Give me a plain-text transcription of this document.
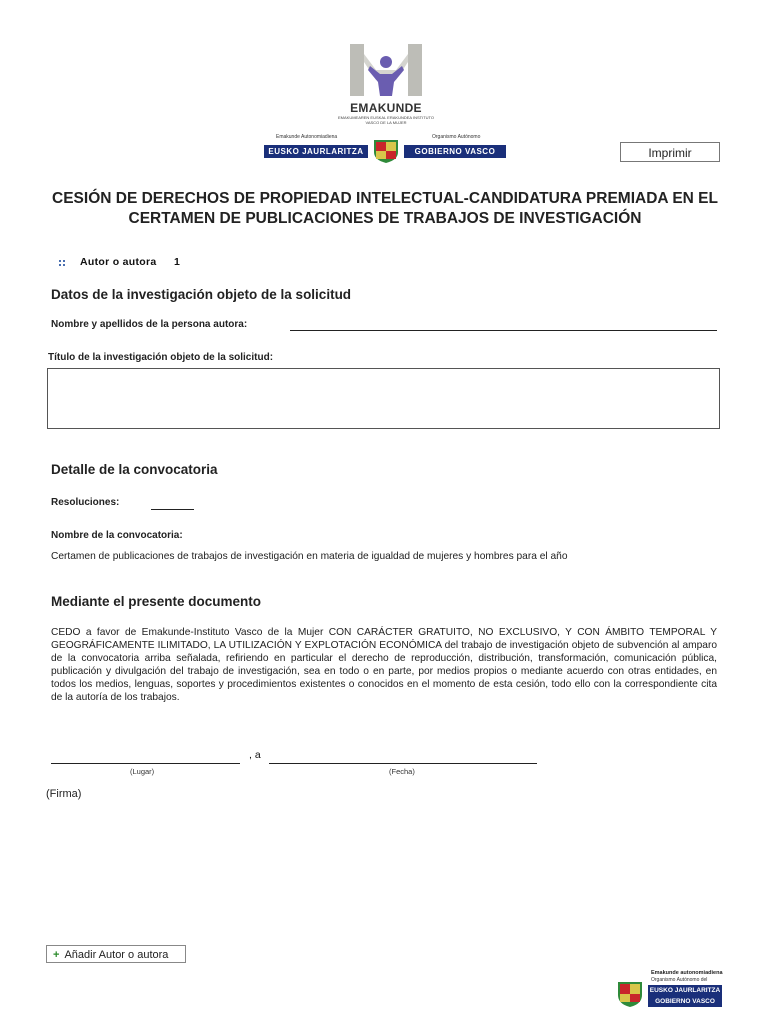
EMAKUNDE
EMAKUMEAREN EUSKAL ERAKUNDEA INSTITUTO VASCO DE LA MUJER
Emakunde Autonomiadiena	Organismo Autónomo
EUSKO JAURLARITZA	GOBIERNO VASCO	Imprimir
CESIÓN DE DERECHOS DE PROPIEDAD INTELECTUAL-CANDIDATURA PREMIADA EN EL CERTAMEN DE PUBLICACIONES DE TRABAJOS DE INVESTIGACIÓN
Autor o autora 1
Datos de la investigación objeto de la solicitud
Nombre y apellidos de la persona autora:
Título de la investigación objeto de la solicitud:
Detalle de la convocatoria
Resoluciones:
Nombre de la convocatoria:
Certamen de publicaciones de trabajos de investigación en materia de igualdad de mujeres y hombres para el año
Mediante el presente documento
CEDO a favor de Emakunde-Instituto Vasco de la Mujer CON CARÁCTER GRATUITO, NO EXCLUSIVO, Y CON ÁMBITO TEMPORAL Y GEOGRÁFICAMENTE ILIMITADO, LA UTILIZACIÓN Y EXPLOTACIÓN ECONÓMICA del trabajo de investigación objeto de subvención al amparo de la convocatoria arriba señalada, refiriendo en particular el derecho de reproducción, distribución, transformación, comunicación pública, publicación y divulgación del trabajo de investigación, sea en todo o en parte, por medios propios o mediante acuerdo con otras entidades, en todos los medios, lenguas, soportes y procedimientos existentes o conocidos en el momento de esta cesión, todo ello con la correspondiente cita de la autoría de los trabajos.
, a
(Lugar)	(Fecha)
(Firma)
+ Añadir Autor o autora
Emakunde autonomiadiena
Organismo Autónomo del
EUSKO JAURLARITZA
GOBIERNO VASCO
